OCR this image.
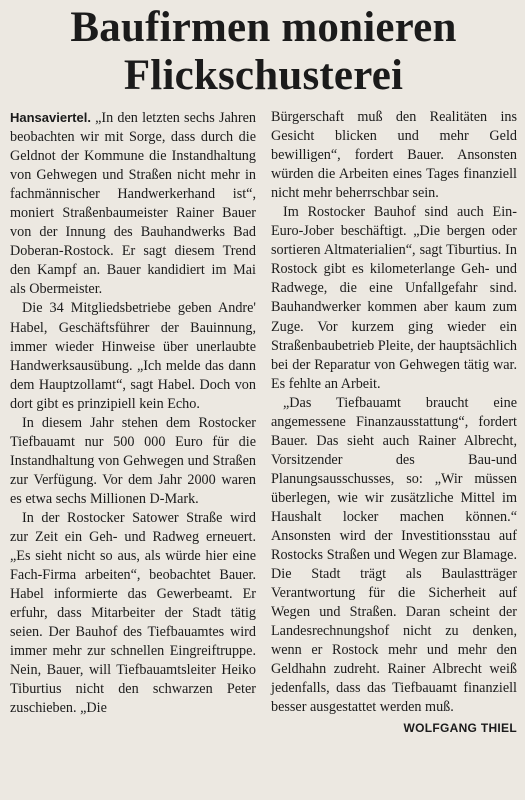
Baufirmen monieren
Flickschusterei

Hansaviertel. „In den letzten sechs Jahren beobachten wir mit Sorge, dass durch die Geldnot der Kommune die Instandhaltung von Gehwegen und Straßen nicht mehr in fachmännischer Handwerkerhand ist“, moniert Straßenbaumeister Rainer Bauer von der Innung des Bauhandwerks Bad Doberan-Rostock. Er sagt diesem Trend den Kampf an. Bauer kandidiert im Mai als Obermeister.

Die 34 Mitgliedsbetriebe geben Andre' Habel, Geschäftsführer der Bauinnung, immer wieder Hinweise über unerlaubte Handwerksausübung. „Ich melde das dann dem Hauptzollamt“, sagt Habel. Doch von dort gibt es prinzipiell kein Echo.

In diesem Jahr stehen dem Rostocker Tiefbauamt nur 500 000 Euro für die Instandhaltung von Gehwegen und Straßen zur Verfügung. Vor dem Jahr 2000 waren es etwa sechs Millionen D-Mark.

In der Rostocker Satower Straße wird zur Zeit ein Geh- und Radweg erneuert. „Es sieht nicht so aus, als würde hier eine Fach-Firma arbeiten“, beobachtet Bauer. Habel informierte das Gewerbeamt. Er erfuhr, dass Mitarbeiter der Stadt tätig seien. Der Bauhof des Tiefbauamtes wird immer mehr zur schnellen Eingreiftruppe. Nein, Bauer, will Tiefbauamtsleiter Heiko Tiburtius nicht den schwarzen Peter zuschieben. „Die

Bürgerschaft muß den Realitäten ins Gesicht blicken und mehr Geld bewilligen“, fordert Bauer. Ansonsten würden die Arbeiten eines Tages finanziell nicht mehr beherrschbar sein.

Im Rostocker Bauhof sind auch Ein-Euro-Jober beschäftigt. „Die bergen oder sortieren Altmaterialien“, sagt Tiburtius. In Rostock gibt es kilometerlange Geh- und Radwege, die eine Unfallgefahr sind. Bauhandwerker kommen aber kaum zum Zuge. Vor kurzem ging wieder ein Straßenbaubetrieb Pleite, der hauptsächlich bei der Reparatur von Gehwegen tätig war. Es fehlte an Arbeit.

„Das Tiefbauamt braucht eine angemessene Finanzausstattung“, fordert Bauer. Das sieht auch Rainer Albrecht, Vorsitzender des Bau-und Planungsausschusses, so: „Wir müssen überlegen, wie wir zusätzliche Mittel im Haushalt locker machen können.“ Ansonsten wird der Investitionsstau auf Rostocks Straßen und Wegen zur Blamage. Die Stadt trägt als Baulastträger Verantwortung für die Sicherheit auf Wegen und Straßen. Daran scheint der Landesrechnungshof nicht zu denken, wenn er Rostock mehr und mehr den Geldhahn zudreht. Rainer Albrecht weiß jedenfalls, dass das Tiefbauamt finanziell besser ausgestattet werden muß.

WOLFGANG THIEL
